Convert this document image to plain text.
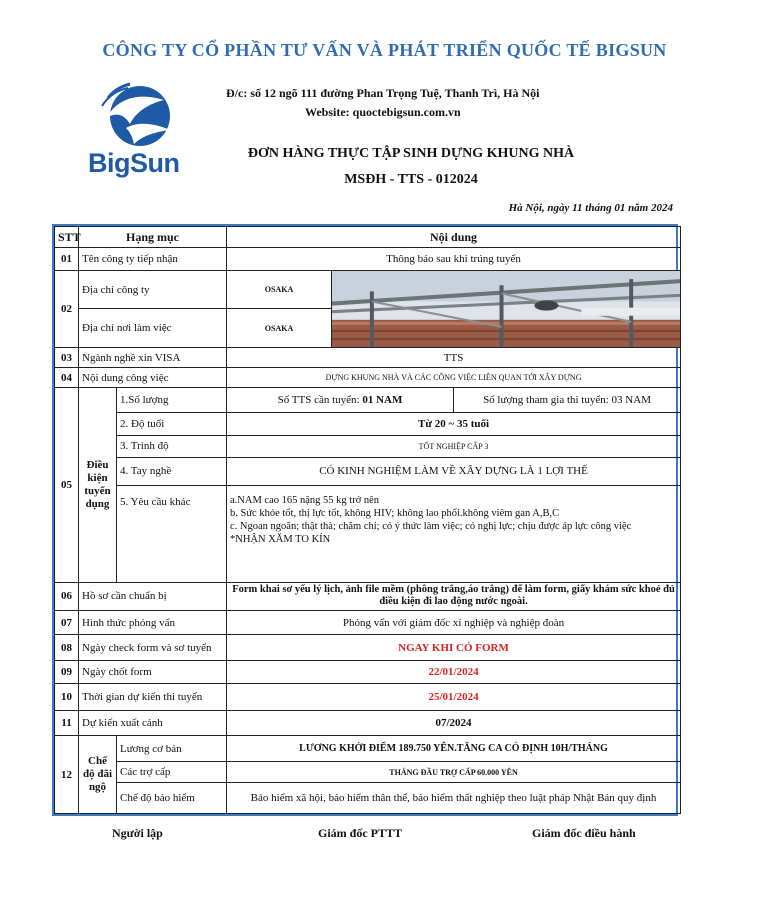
CÔNG TY CỔ PHẦN TƯ VẤN VÀ PHÁT TRIỂN QUỐC TẾ BIGSUN
BigSun
Đ/c: số 12 ngõ 111 đường Phan Trọng Tuệ, Thanh Trì, Hà Nội
Website: quoctebigsun.com.vn
ĐƠN HÀNG THỰC TẬP SINH DỰNG KHUNG NHÀ
MSĐH - TTS - 012024
Hà Nội, ngày 11 tháng 01 năm 2024
STT	Hạng mục		Nội dung		
01	Tên công ty tiếp nhận		Thông báo sau khi trúng tuyển		
02	Địa chỉ công ty		OSAKA	

	Địa chỉ nơi làm việc		OSAKA		
03	Ngành nghề xin VISA		TTS		
04	Nội dung công việc		DỰNG KHUNG NHÀ VÀ CÁC CÔNG VIỆC LIÊN QUAN TỚI XÂY DỰNG		
05	Điều kiện tuyển dụng	1.Số lượng	Số TTS cần tuyển: 01 NAM		Số lượng tham gia thi tuyển: 03 NAM
		2. Độ tuổi	Từ 20 ~ 35 tuổi		
		3. Trình độ	TỐT NGHIỆP CẤP 3		
		4. Tay nghề	CÓ KINH NGHIỆM LÀM VỀ XÂY DỰNG LÀ 1 LỢI THẾ		
		5. Yêu cầu khác	a.NAM cao 165 nặng 55 kg trở nên
b. Sức khỏe tốt, thị lực tốt, không HIV; không lao phổi.không viêm gan A,B,C
c. Ngoan ngoãn; thật thà; chăm chỉ; có ý thức làm việc; có nghị lực; chịu được áp lực công việc
*NHẬN XĂM TO KÍN		

06	Hồ sơ cần chuẩn bị		Form khai sơ yếu lý lịch, ảnh file mềm (phông trắng,áo trắng) để làm form, giấy khám sức khoẻ đủ điều kiện đi lao động nước ngoài.		
07	Hình thức phỏng vấn		Phỏng vấn với giám đốc xí nghiệp và nghiệp đoàn		
08	Ngày check form và sơ tuyển		NGAY KHI CÓ FORM		
09	Ngày chốt form		22/01/2024		
10	Thời gian dự kiến thi tuyển		25/01/2024		
11	Dự kiến xuất cảnh		07/2024		
12	Chế độ đãi ngộ	Lương cơ bản	LƯƠNG KHỞI ĐIỂM 189.750 YÊN.TĂNG CA CÓ ĐỊNH 10H/THÁNG		
		Các trợ cấp	THÁNG ĐẦU TRỢ CẤP 60.000 YÊN		
		Chế độ bảo hiểm	Bảo hiểm xã hội, bảo hiểm thân thể, bảo hiểm thất nghiệp theo luật pháp Nhật Bản quy định		
Người lập	Giám đốc PTTT	Giám đốc điều hành
